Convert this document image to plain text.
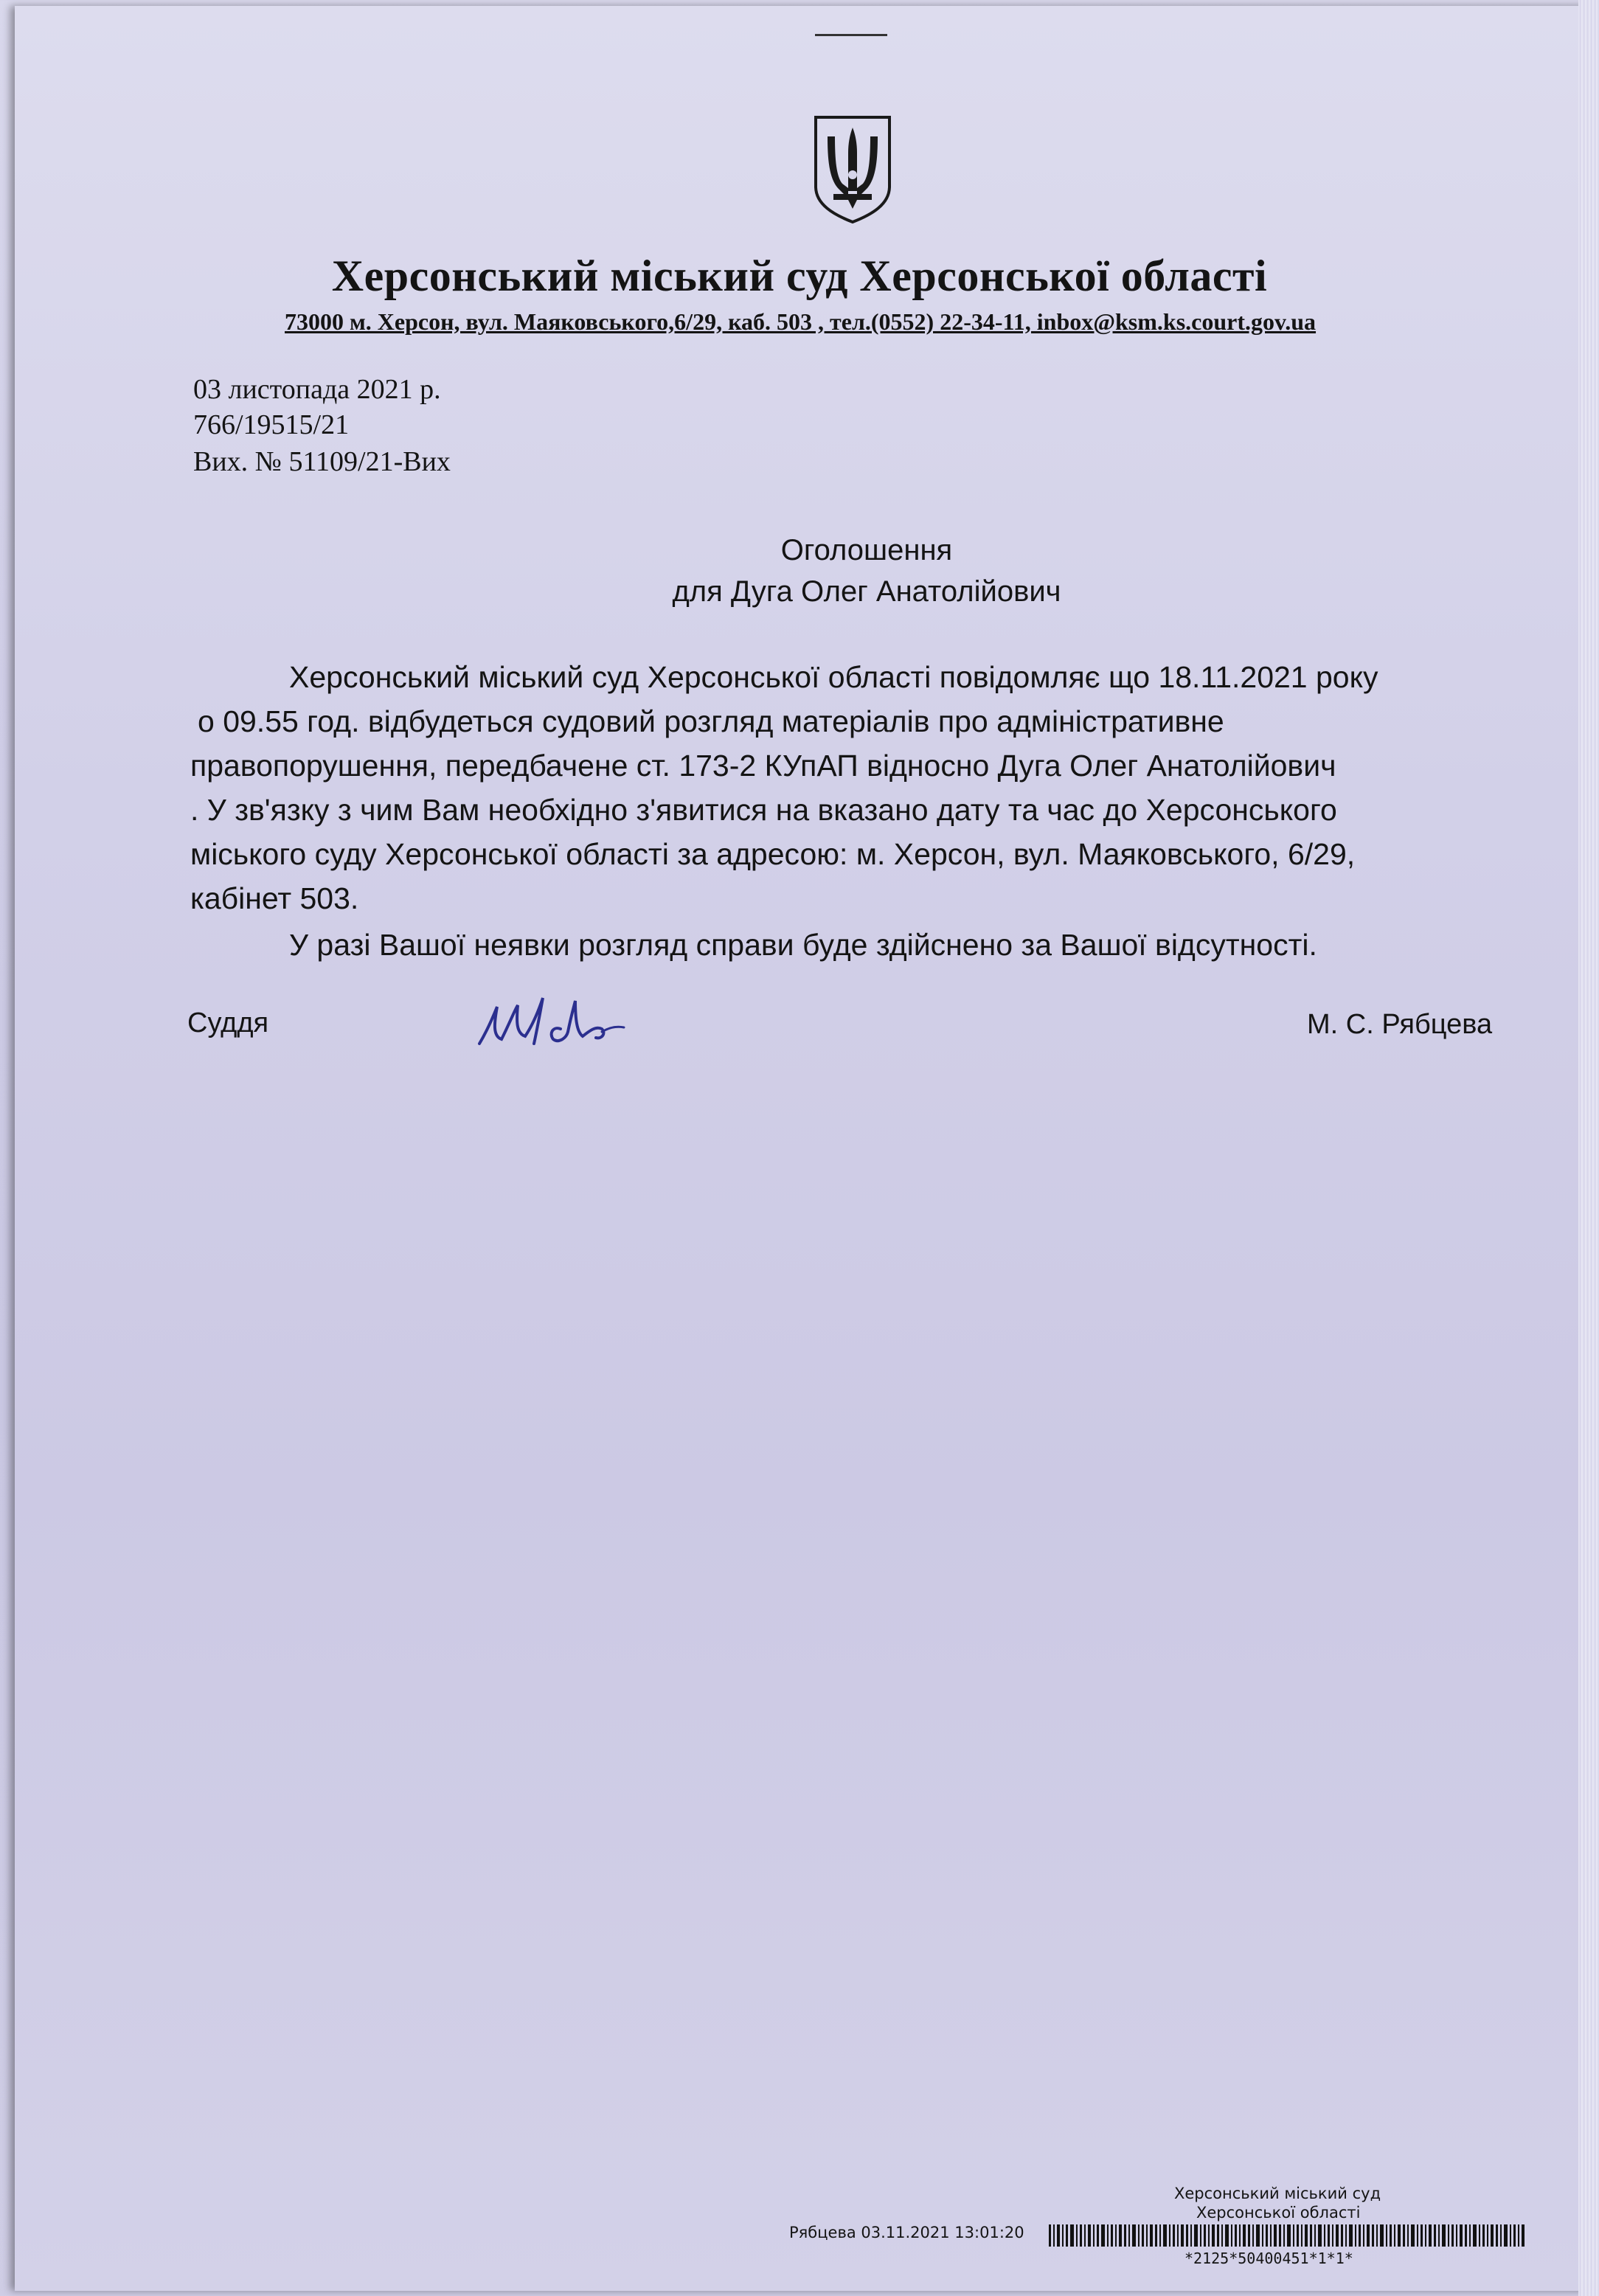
Херсонський міський суд Херсонської області
73000 м. Херсон, вул. Маяковського,6/29, каб. 503 , тел.(0552) 22-34-11, inbox@ksm.ks.court.gov.ua
03 листопада 2021 р.
766/19515/21
Вих. № 51109/21-Вих
Оголошення
для Дуга Олег Анатолійович
Херсонський міський суд Херсонської області повідомляє що 18.11.2021 року
о 09.55 год. відбудеться судовий розгляд матеріалів про адміністративне
правопорушення, передбачене ст. 173-2 КУпАП відносно Дуга Олег Анатолійович
. У зв'язку з чим Вам необхідно з'явитися на вказано дату та час до Херсонського
міського суду Херсонської області за адресою: м. Херсон, вул. Маяковського, 6/29,
кабінет 503.
У разі Вашої неявки розгляд справи буде здійснено за Вашої відсутності.
Суддя	М. С. Рябцева
Херсонський міський суд
Херсонської області
Рябцева 03.11.2021 13:01:20
*2125*50400451*1*1*
